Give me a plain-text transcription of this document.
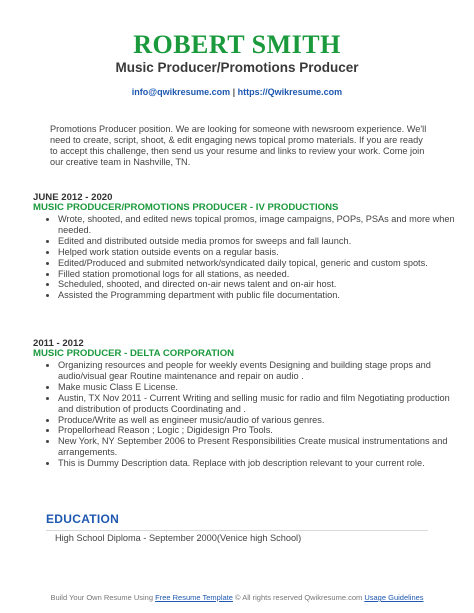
ROBERT SMITH
Music Producer/Promotions Producer
info@qwikresume.com | https://Qwikresume.com

Promotions Producer position. We are looking for someone with newsroom experience. We'll need to create, script, shoot, & edit engaging news topical promo materials. If you are ready to accept this challenge, then send us your resume and links to review your work. Come join our creative team in Nashville, TN.

JUNE 2012 - 2020
MUSIC PRODUCER/PROMOTIONS PRODUCER - IV PRODUCTIONS
• Wrote, shooted, and edited news topical promos, image campaigns, POPs, PSAs and more when needed.
• Edited and distributed outside media promos for sweeps and fall launch.
• Helped work station outside events on a regular basis.
• Edited/Produced and submited network/syndicated daily topical, generic and custom spots.
• Filled station promotional logs for all stations, as needed.
• Scheduled, shooted, and directed on-air news talent and on-air host.
• Assisted the Programming department with public file documentation.
2011 - 2012
MUSIC PRODUCER - DELTA CORPORATION
• Organizing resources and people for weekly events Designing and building stage props and audio/visual gear Routine maintenance and repair on audio .
• Make music Class E License.
• Austin, TX Nov 2011 - Current Writing and selling music for radio and film Negotiating production and distribution of products Coordinating and .
• Produce/Write as well as engineer music/audio of various genres.
• Propellorhead Reason ; Logic ; Digidesign Pro Tools.
• New York, NY September 2006 to Present Responsibilities Create musical instrumentations and arrangements.
• This is Dummy Description data. Replace with job description relevant to your current role.
EDUCATION
High School Diploma - September 2000(Venice high School)
Build Your Own Resume Using Free Resume Template © All rights reserved Qwikresume.com Usage Guidelines
